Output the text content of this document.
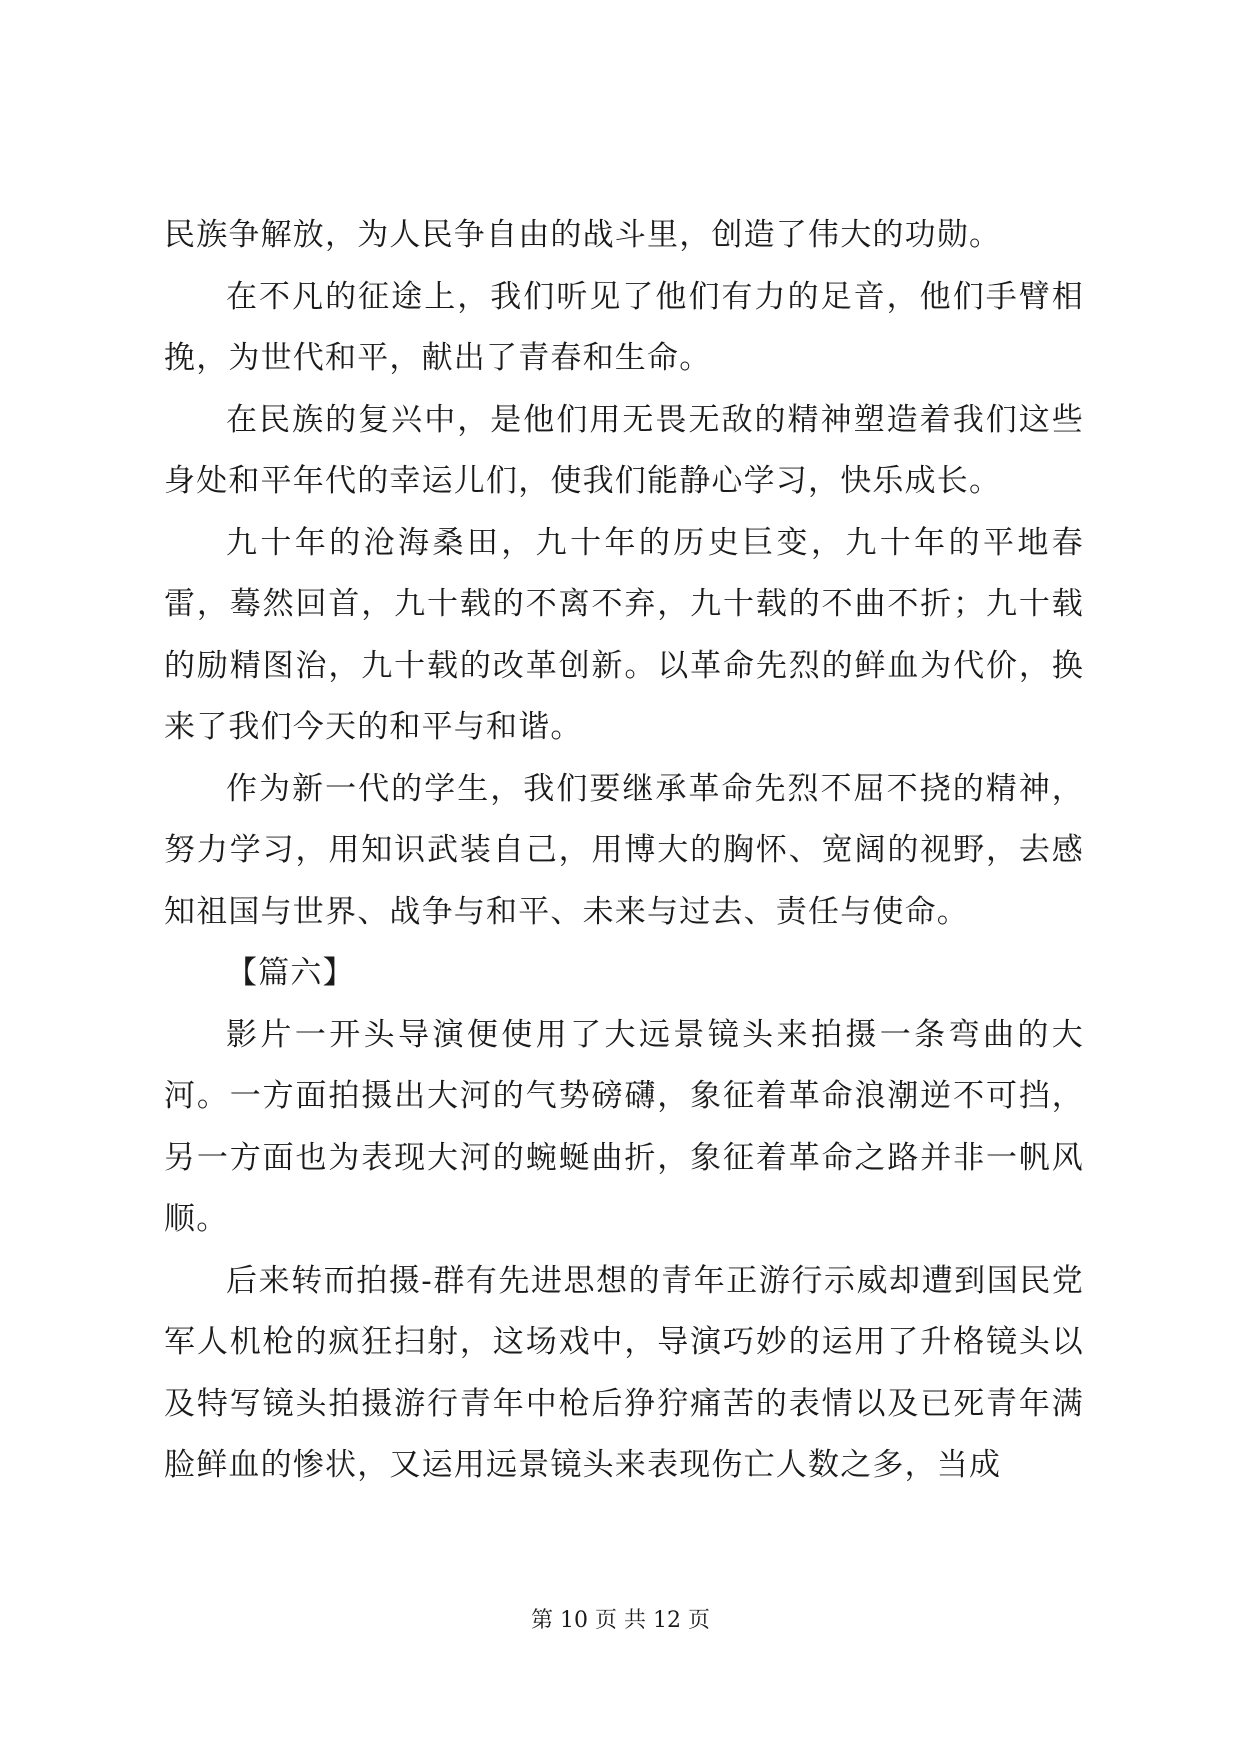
民族争解放，为人民争自由的战斗里，创造了伟大的功勋。

在不凡的征途上，我们听见了他们有力的足音，他们手臂相挽，为世代和平，献出了青春和生命。

在民族的复兴中，是他们用无畏无敌的精神塑造着我们这些身处和平年代的幸运儿们，使我们能静心学习，快乐成长。

九十年的沧海桑田，九十年的历史巨变，九十年的平地春雷，蓦然回首，九十载的不离不弃，九十载的不曲不折；九十载的励精图治，九十载的改革创新。以革命先烈的鲜血为代价，换来了我们今天的和平与和谐。

作为新一代的学生，我们要继承革命先烈不屈不挠的精神，努力学习，用知识武装自己，用博大的胸怀、宽阔的视野，去感知祖国与世界、战争与和平、未来与过去、责任与使命。

【篇六】

影片一开头导演便使用了大远景镜头来拍摄一条弯曲的大河。一方面拍摄出大河的气势磅礴，象征着革命浪潮逆不可挡，另一方面也为表现大河的蜿蜒曲折，象征着革命之路并非一帆风顺。

后来转而拍摄-群有先进思想的青年正游行示威却遭到国民党军人机枪的疯狂扫射，这场戏中，导演巧妙的运用了升格镜头以及特写镜头拍摄游行青年中枪后狰狞痛苦的表情以及已死青年满脸鲜血的惨状，又运用远景镜头来表现伤亡人数之多，当成

第 10 页 共 12 页
